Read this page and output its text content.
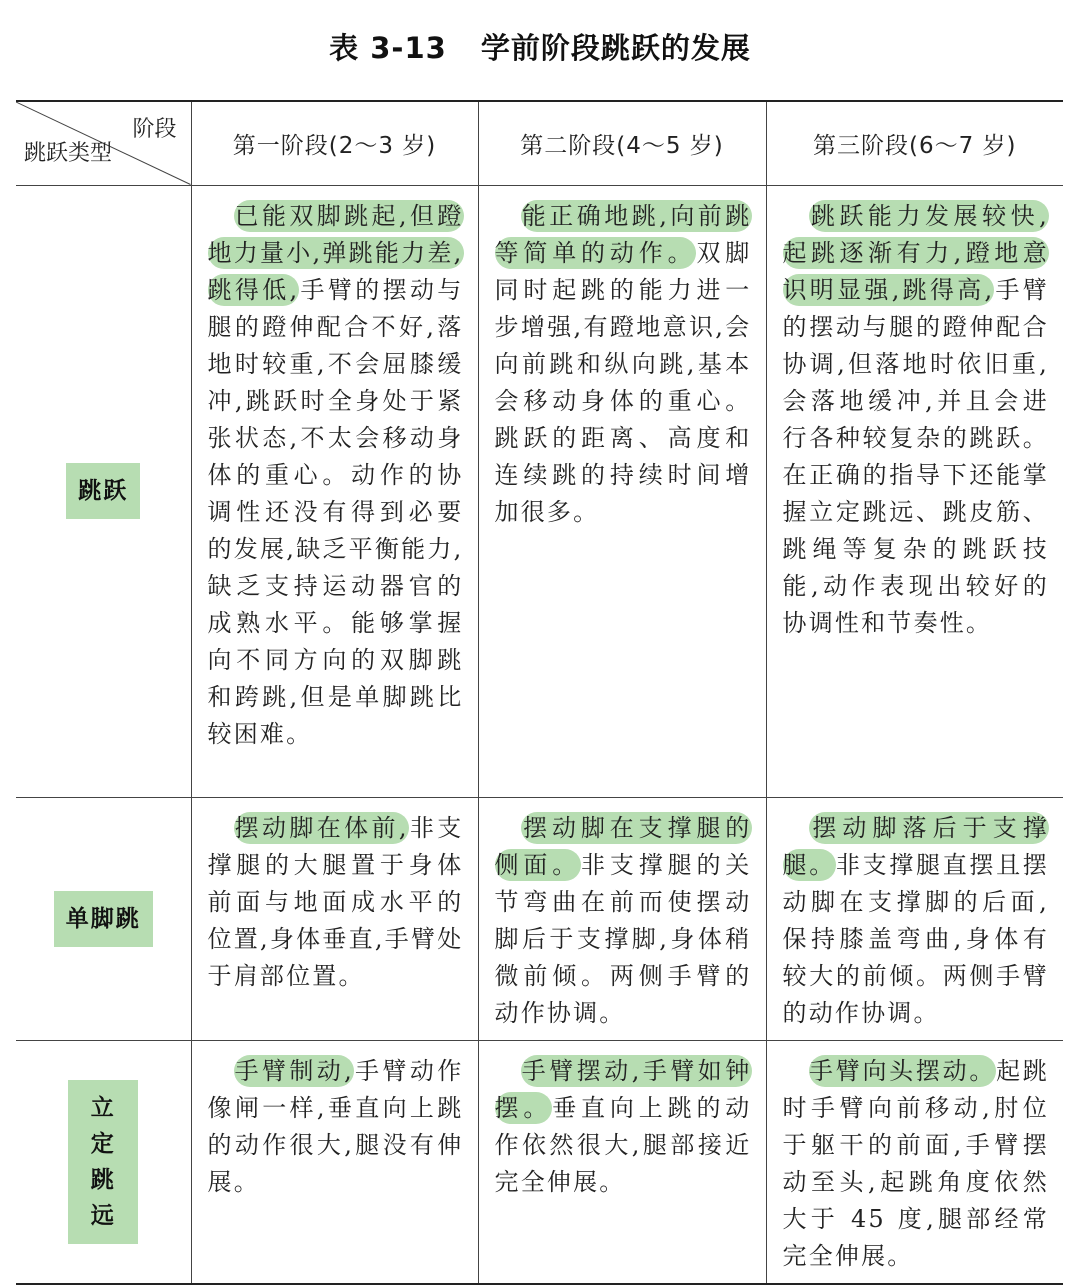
表 3-13 学前阶段跳跃的发展
阶段
跳跃类型	第一阶段(2～3 岁)	第二阶段(4～5 岁)	第三阶段(6～7 岁)
跳跃	已能双脚跳起,但蹬地力量小,弹跳能力差,跳得低,手臂的摆动与腿的蹬伸配合不好,落地时较重,不会屈膝缓冲,跳跃时全身处于紧张状态,不太会移动身体的重心。动作的协调性还没有得到必要的发展,缺乏平衡能力,缺乏支持运动器官的成熟水平。能够掌握向不同方向的双脚跳和跨跳,但是单脚跳比较困难。	能正确地跳,向前跳等简单的动作。双脚同时起跳的能力进一步增强,有蹬地意识,会向前跳和纵向跳,基本会移动身体的重心。跳跃的距离、高度和连续跳的持续时间增加很多。	跳跃能力发展较快,起跳逐渐有力,蹬地意识明显强,跳得高,手臂的摆动与腿的蹬伸配合协调,但落地时依旧重,会落地缓冲,并且会进行各种较复杂的跳跃。在正确的指导下还能掌握立定跳远、跳皮筋、跳绳等复杂的跳跃技能,动作表现出较好的协调性和节奏性。

单脚跳	摆动脚在体前,非支撑腿的大腿置于身体前面与地面成水平的位置,身体垂直,手臂处于肩部位置。	摆动脚在支撑腿的侧面。非支撑腿的关节弯曲在前而使摆动脚后于支撑脚,身体稍微前倾。两侧手臂的动作协调。	摆动脚落后于支撑腿。非支撑腿直摆且摆动脚在支撑脚的后面,保持膝盖弯曲,身体有较大的前倾。两侧手臂的动作协调。

立定跳远	手臂制动,手臂动作像闸一样,垂直向上跳的动作很大,腿没有伸展。	手臂摆动,手臂如钟摆。垂直向上跳的动作依然很大,腿部接近完全伸展。	手臂向头摆动。起跳时手臂向前移动,肘位于躯干的前面,手臂摆动至头,起跳角度依然大于 45 度,腿部经常完全伸展。
